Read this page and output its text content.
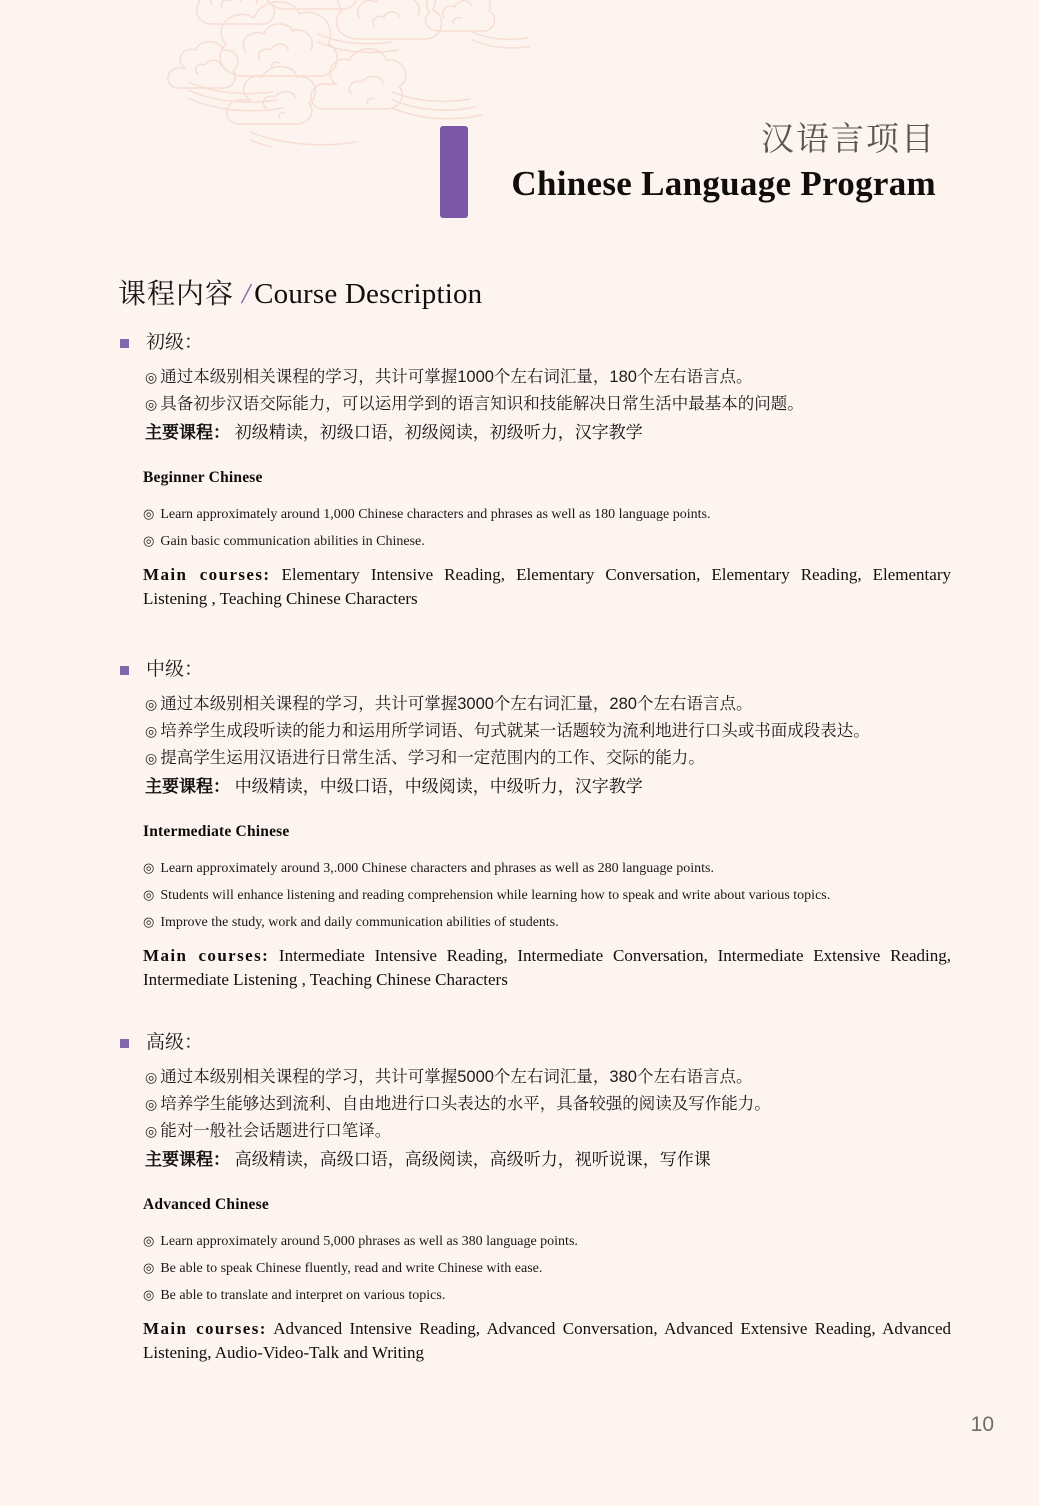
汉语言项目
Chinese Language Program
课程内容 / Course Description
初级：
◎ 通过本级别相关课程的学习，共计可掌握1000个左右词汇量，180个左右语言点。
◎ 具备初步汉语交际能力，可以运用学到的语言知识和技能解决日常生活中最基本的问题。
主要课程： 初级精读，初级口语，初级阅读，初级听力，汉字教学
Beginner Chinese
◎ Learn approximately around 1,000 Chinese characters and phrases as well as 180 language points.
◎ Gain basic communication abilities in Chinese.
Main courses: Elementary Intensive Reading, Elementary Conversation, Elementary Reading, Elementary Listening , Teaching Chinese Characters
中级：
◎ 通过本级别相关课程的学习，共计可掌握3000个左右词汇量，280个左右语言点。
◎ 培养学生成段听读的能力和运用所学词语、句式就某一话题较为流利地进行口头或书面成段表达。
◎ 提高学生运用汉语进行日常生活、学习和一定范围内的工作、交际的能力。
主要课程： 中级精读，中级口语，中级阅读，中级听力，汉字教学
Intermediate Chinese
◎ Learn approximately around 3,.000 Chinese characters and phrases as well as 280 language points.
◎ Students will enhance listening and reading comprehension while learning how to speak and write about various topics.
◎ Improve the study, work and daily communication abilities of students.
Main courses: Intermediate Intensive Reading, Intermediate Conversation, Intermediate Extensive Reading, Intermediate Listening , Teaching Chinese Characters
高级：
◎ 通过本级别相关课程的学习，共计可掌握5000个左右词汇量，380个左右语言点。
◎ 培养学生能够达到流利、自由地进行口头表达的水平，具备较强的阅读及写作能力。
◎ 能对一般社会话题进行口笔译。
主要课程： 高级精读，高级口语，高级阅读，高级听力，视听说课，写作课
Advanced Chinese
◎ Learn approximately around 5,000 phrases as well as 380 language points.
◎ Be able to speak Chinese fluently, read and write Chinese with ease.
◎ Be able to translate and interpret on various topics.
Main courses: Advanced Intensive Reading, Advanced Conversation, Advanced Extensive Reading, Advanced Listening, Audio-Video-Talk and Writing
10
